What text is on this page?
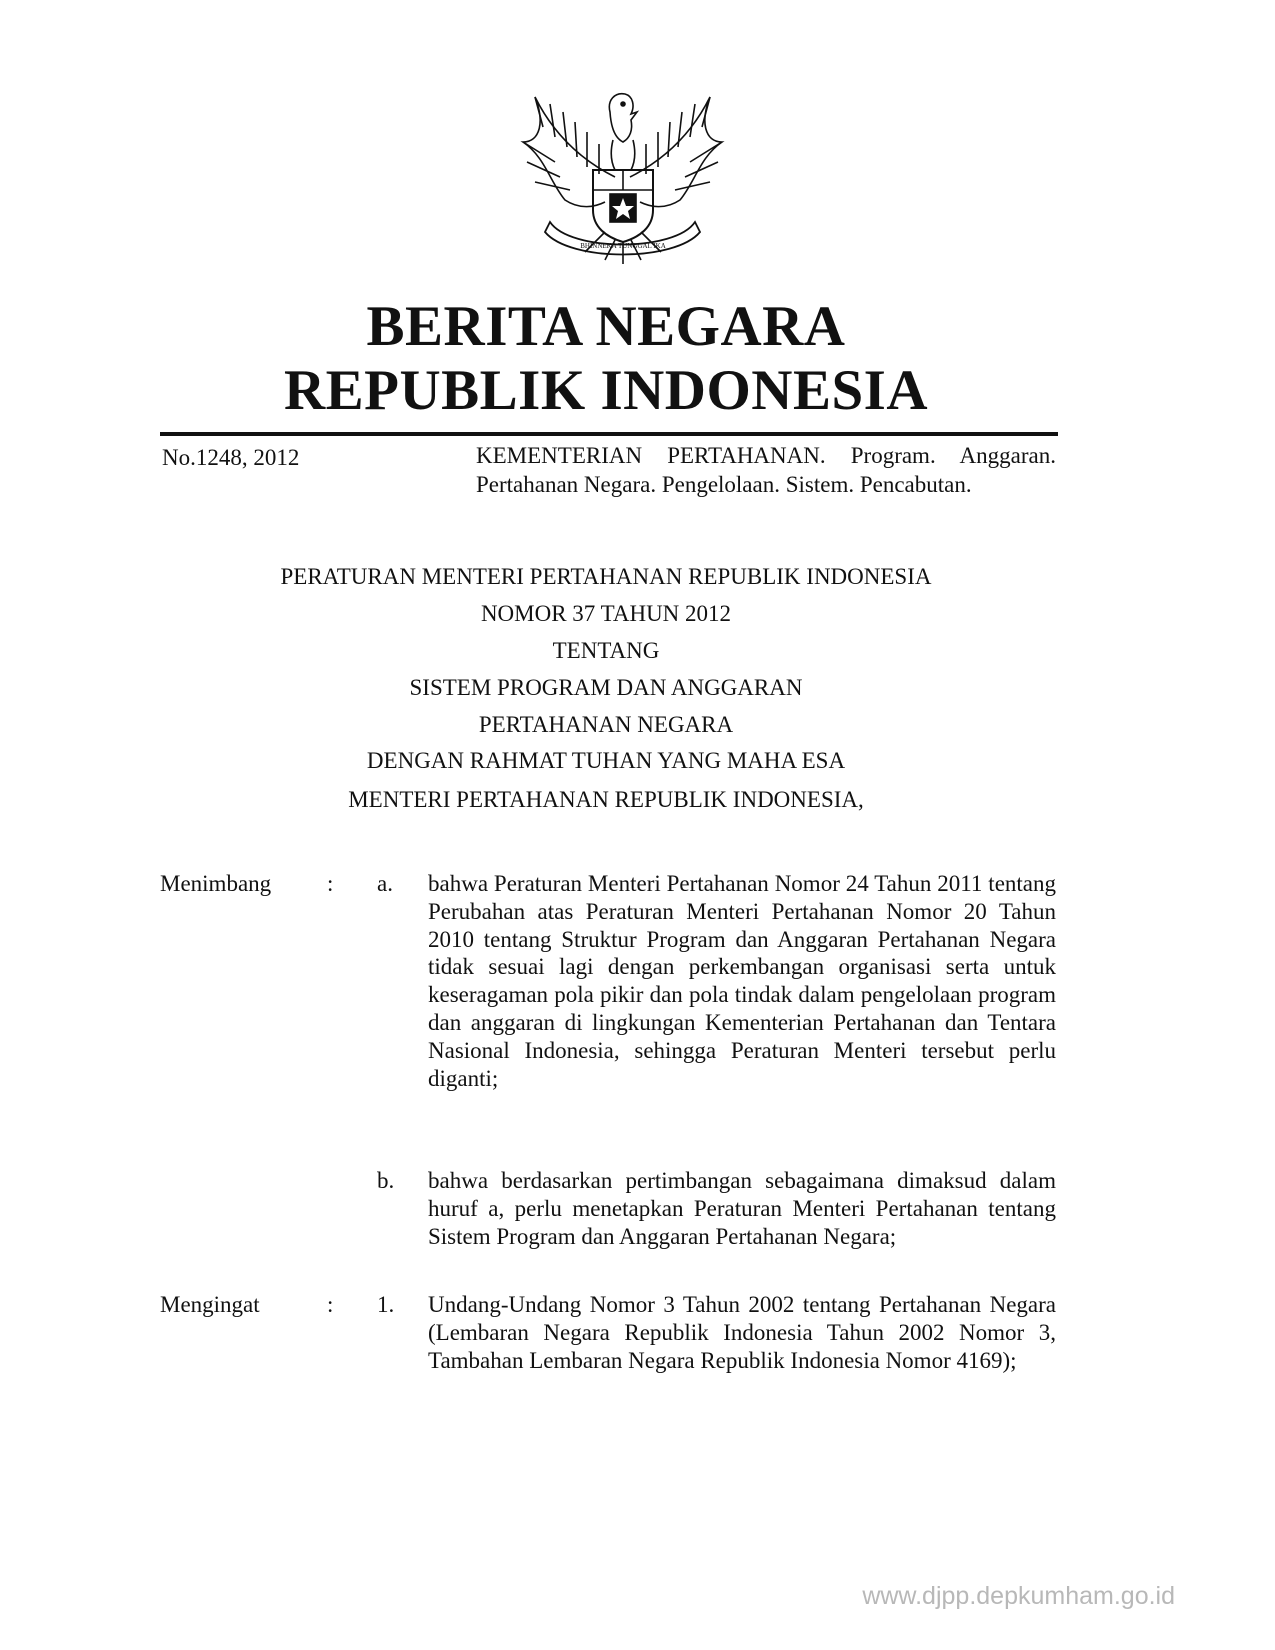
BHINNEKA TUNGGAL IKA
BERITA NEGARA
REPUBLIK INDONESIA
No.1248, 2012	KEMENTERIAN PERTAHANAN. Program. Anggaran. Pertahanan Negara. Pengelolaan. Sistem. Pencabutan.
PERATURAN MENTERI PERTAHANAN REPUBLIK INDONESIA
NOMOR 37 TAHUN 2012
TENTANG
SISTEM PROGRAM DAN ANGGARAN
PERTAHANAN NEGARA
DENGAN RAHMAT TUHAN YANG MAHA ESA
MENTERI PERTAHANAN REPUBLIK INDONESIA,
Menimbang : a. bahwa Peraturan Menteri Pertahanan Nomor 24 Tahun 2011 tentang Perubahan atas Peraturan Menteri Pertahanan Nomor 20 Tahun 2010 tentang Struktur Program dan Anggaran Pertahanan Negara tidak sesuai lagi dengan perkembangan organisasi serta untuk keseragaman pola pikir dan pola tindak dalam pengelolaan program dan anggaran di lingkungan Kementerian Pertahanan dan Tentara Nasional Indonesia, sehingga Peraturan Menteri tersebut perlu diganti;
b. bahwa berdasarkan pertimbangan sebagaimana dimaksud dalam huruf a, perlu menetapkan Peraturan Menteri Pertahanan tentang Sistem Program dan Anggaran Pertahanan Negara;
Mengingat	: 1. Undang-Undang Nomor 3 Tahun 2002 tentang Pertahanan Negara (Lembaran Negara Republik Indonesia Tahun 2002 Nomor 3, Tambahan Lembaran Negara Republik Indonesia Nomor 4169);
www.djpp.depkumham.go.id
